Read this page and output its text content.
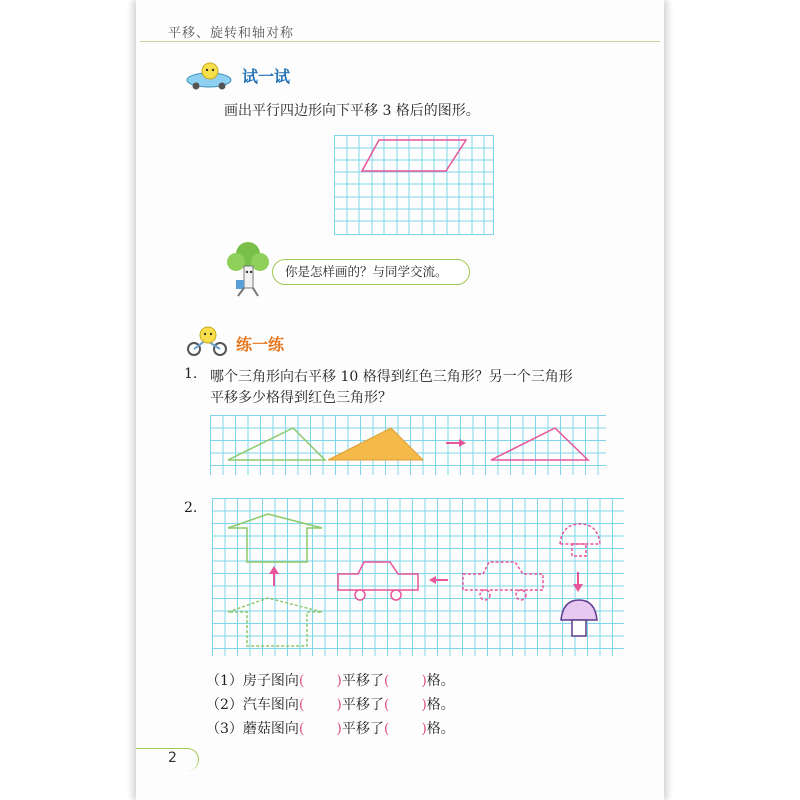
平移、旋转和轴对称
试一试
画出平行四边形向下平移 3 格后的图形。
你是怎样画的？与同学交流。
练一练
1. 哪个三角形向右平移 10 格得到红色三角形？另一个三角形
平移多少格得到红色三角形？
2.
（1）房子图向( )平移了( )格。
（2）汽车图向( )平移了( )格。
（3）蘑菇图向( )平移了( )格。
2
